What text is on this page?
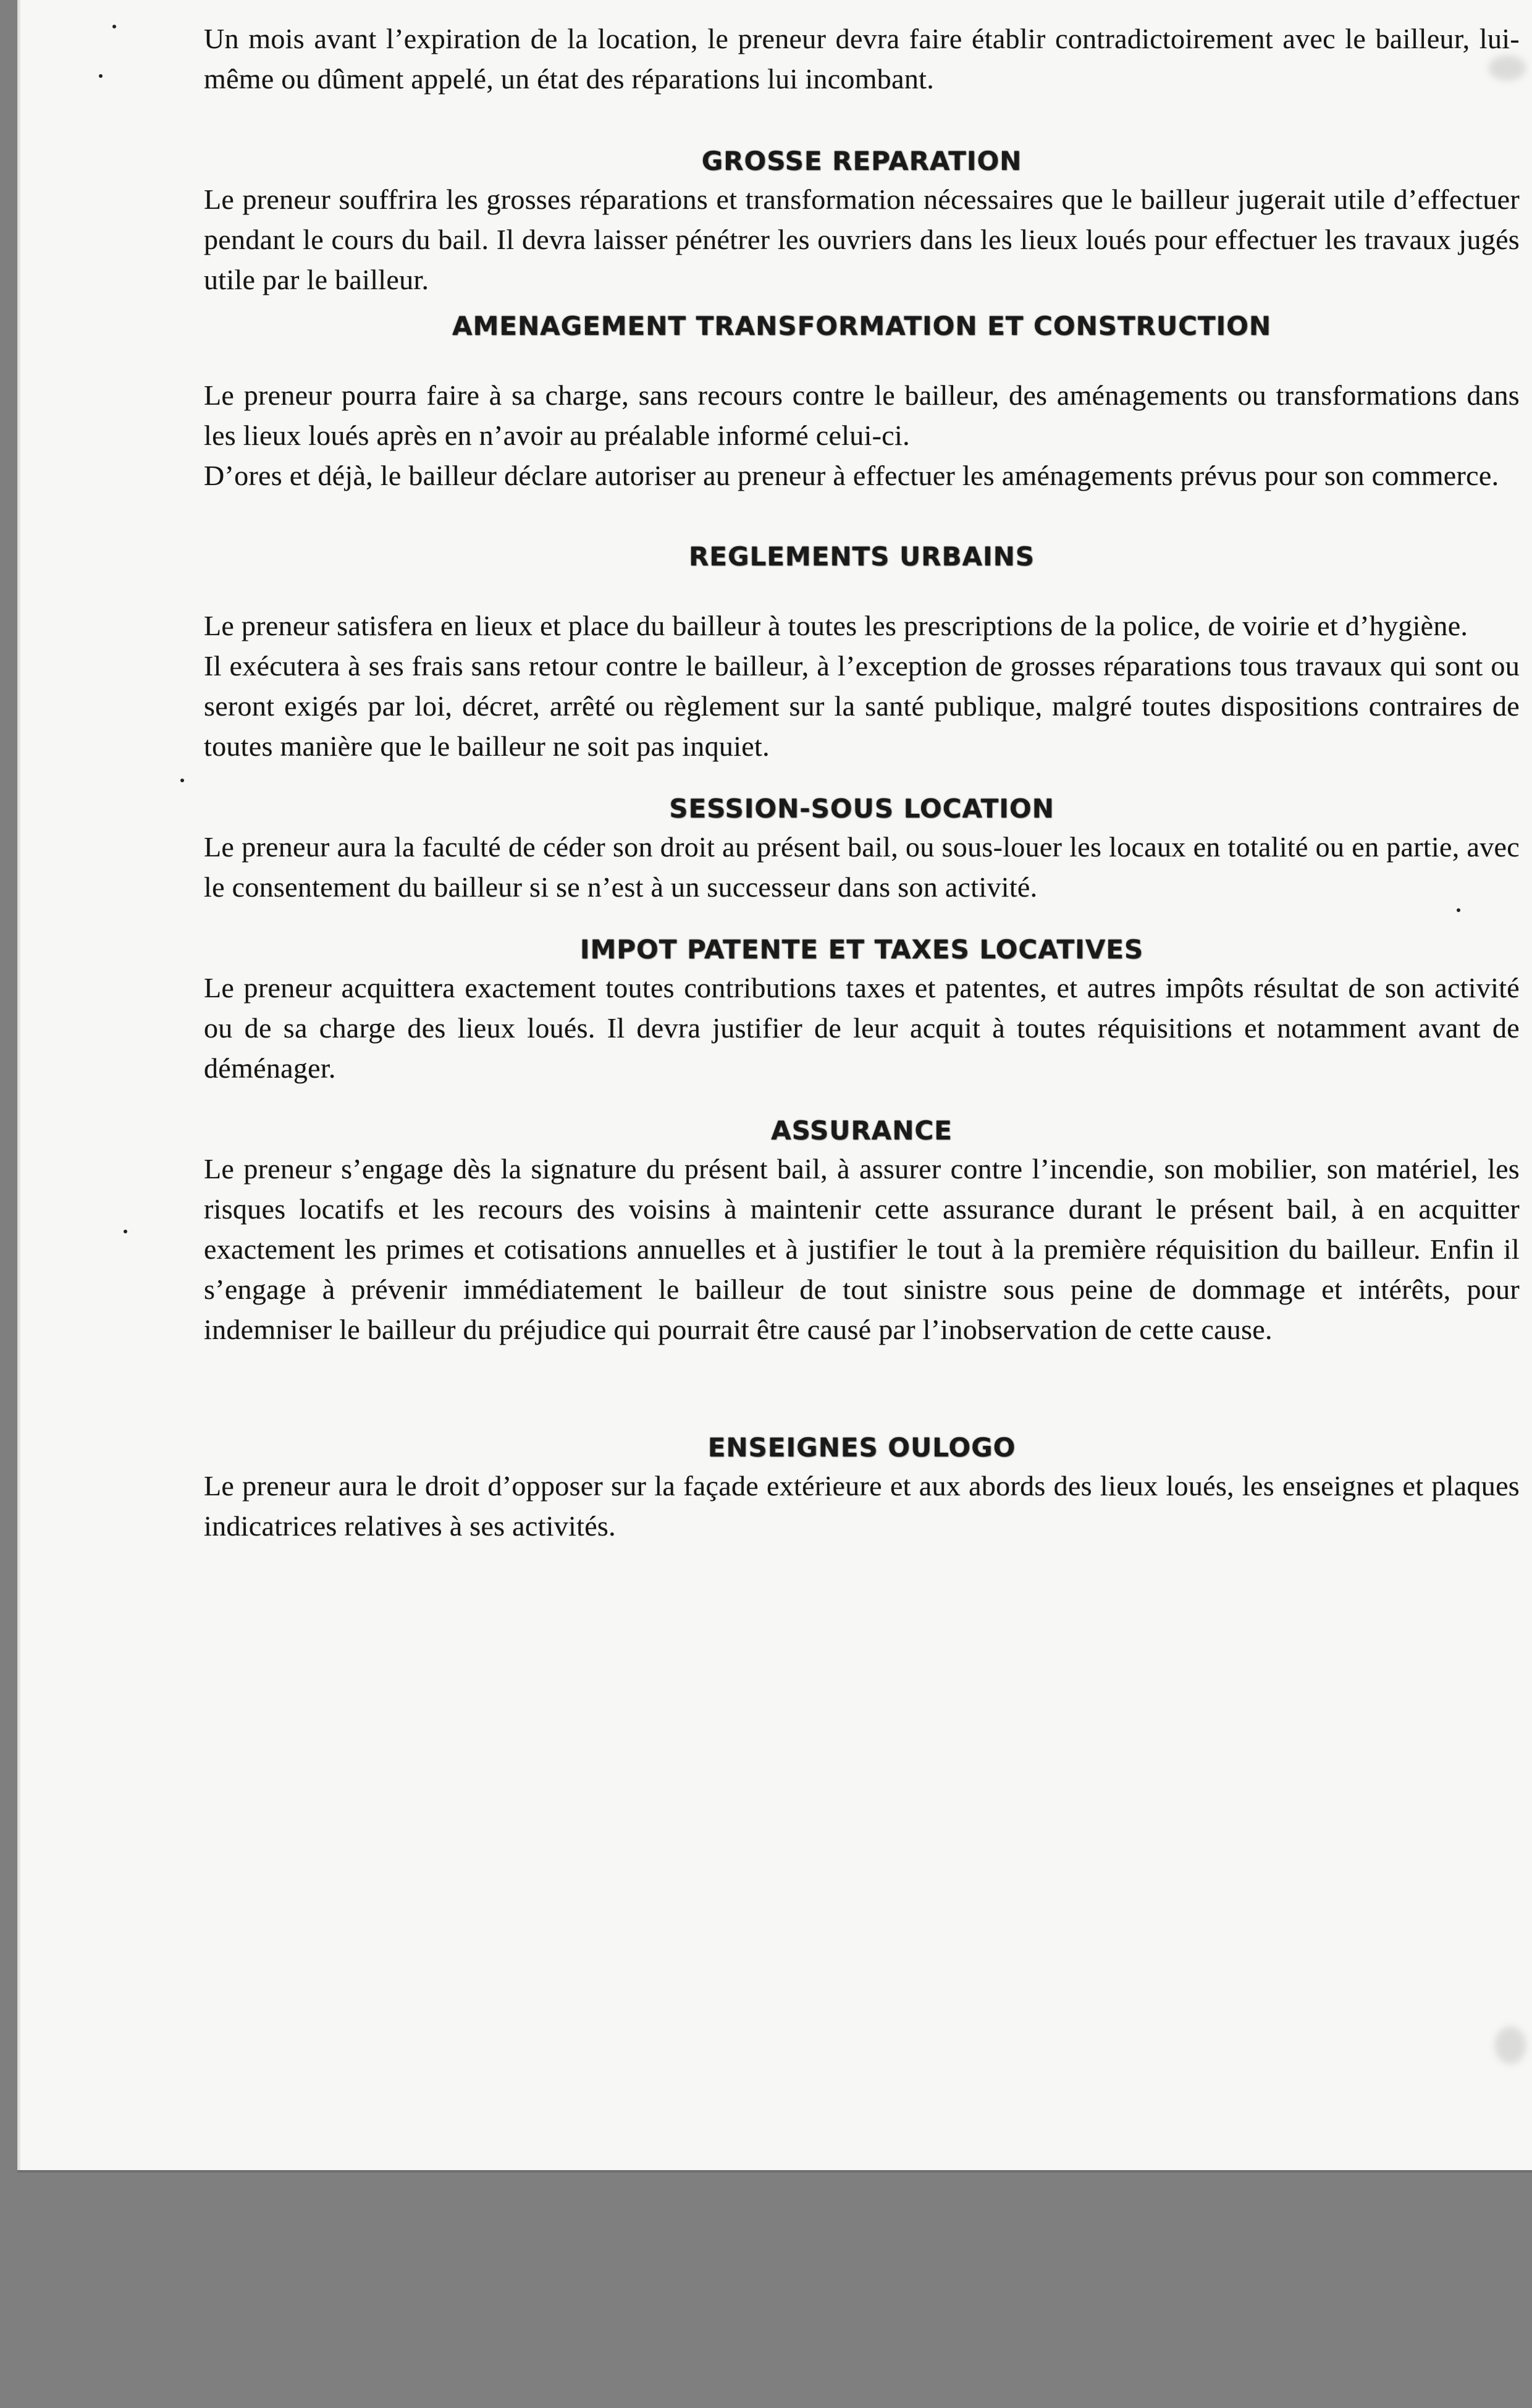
Un mois avant l’expiration de la location, le preneur devra faire établir contradictoirement avec le bailleur, lui-même ou dûment appelé, un état des réparations lui incombant.

GROSSE REPARATION

Le preneur souffrira les grosses réparations et transformation nécessaires que le bailleur jugerait utile d’effectuer pendant le cours du bail. Il devra laisser pénétrer les ouvriers dans les lieux loués pour effectuer les travaux jugés utile par le bailleur.

AMENAGEMENT TRANSFORMATION ET CONSTRUCTION

Le preneur pourra faire à sa charge, sans recours contre le bailleur, des aménagements ou transformations dans les lieux loués après en n’avoir au préalable informé celui-ci.

D’ores et déjà, le bailleur déclare autoriser au preneur à effectuer les aménagements prévus pour son commerce.

REGLEMENTS URBAINS

Le preneur satisfera en lieux et place du bailleur à toutes les prescriptions de la police, de voirie et d’hygiène.

Il exécutera à ses frais sans retour contre le bailleur, à l’exception de grosses réparations tous travaux qui sont ou seront exigés par loi, décret, arrêté ou règlement sur la santé publique, malgré toutes dispositions contraires de toutes manière que le bailleur ne soit pas inquiet.

SESSION-SOUS LOCATION

Le preneur aura la faculté de céder son droit au présent bail, ou sous-louer les locaux en totalité ou en partie, avec le consentement du bailleur si se n’est à un successeur dans son activité.

IMPOT PATENTE ET TAXES LOCATIVES

Le preneur acquittera exactement toutes contributions taxes et patentes, et autres impôts résultat de son activité ou de sa charge des lieux loués. Il devra justifier de leur acquit à toutes réquisitions et notamment avant de déménager.

ASSURANCE

Le preneur s’engage dès la signature du présent bail, à assurer contre l’incendie, son mobilier, son matériel, les risques locatifs et les recours des voisins à maintenir cette assurance durant le présent bail, à en acquitter exactement les primes et cotisations annuelles et à justifier le tout à la première réquisition du bailleur. Enfin il s’engage à prévenir immédiatement le bailleur de tout sinistre sous peine de dommage et intérêts, pour indemniser le bailleur du préjudice qui pourrait être causé par l’inobservation de cette cause.

ENSEIGNES OULOGO

Le preneur aura le droit d’opposer sur la façade extérieure et aux abords des lieux loués, les enseignes et plaques indicatrices relatives à ses activités.
